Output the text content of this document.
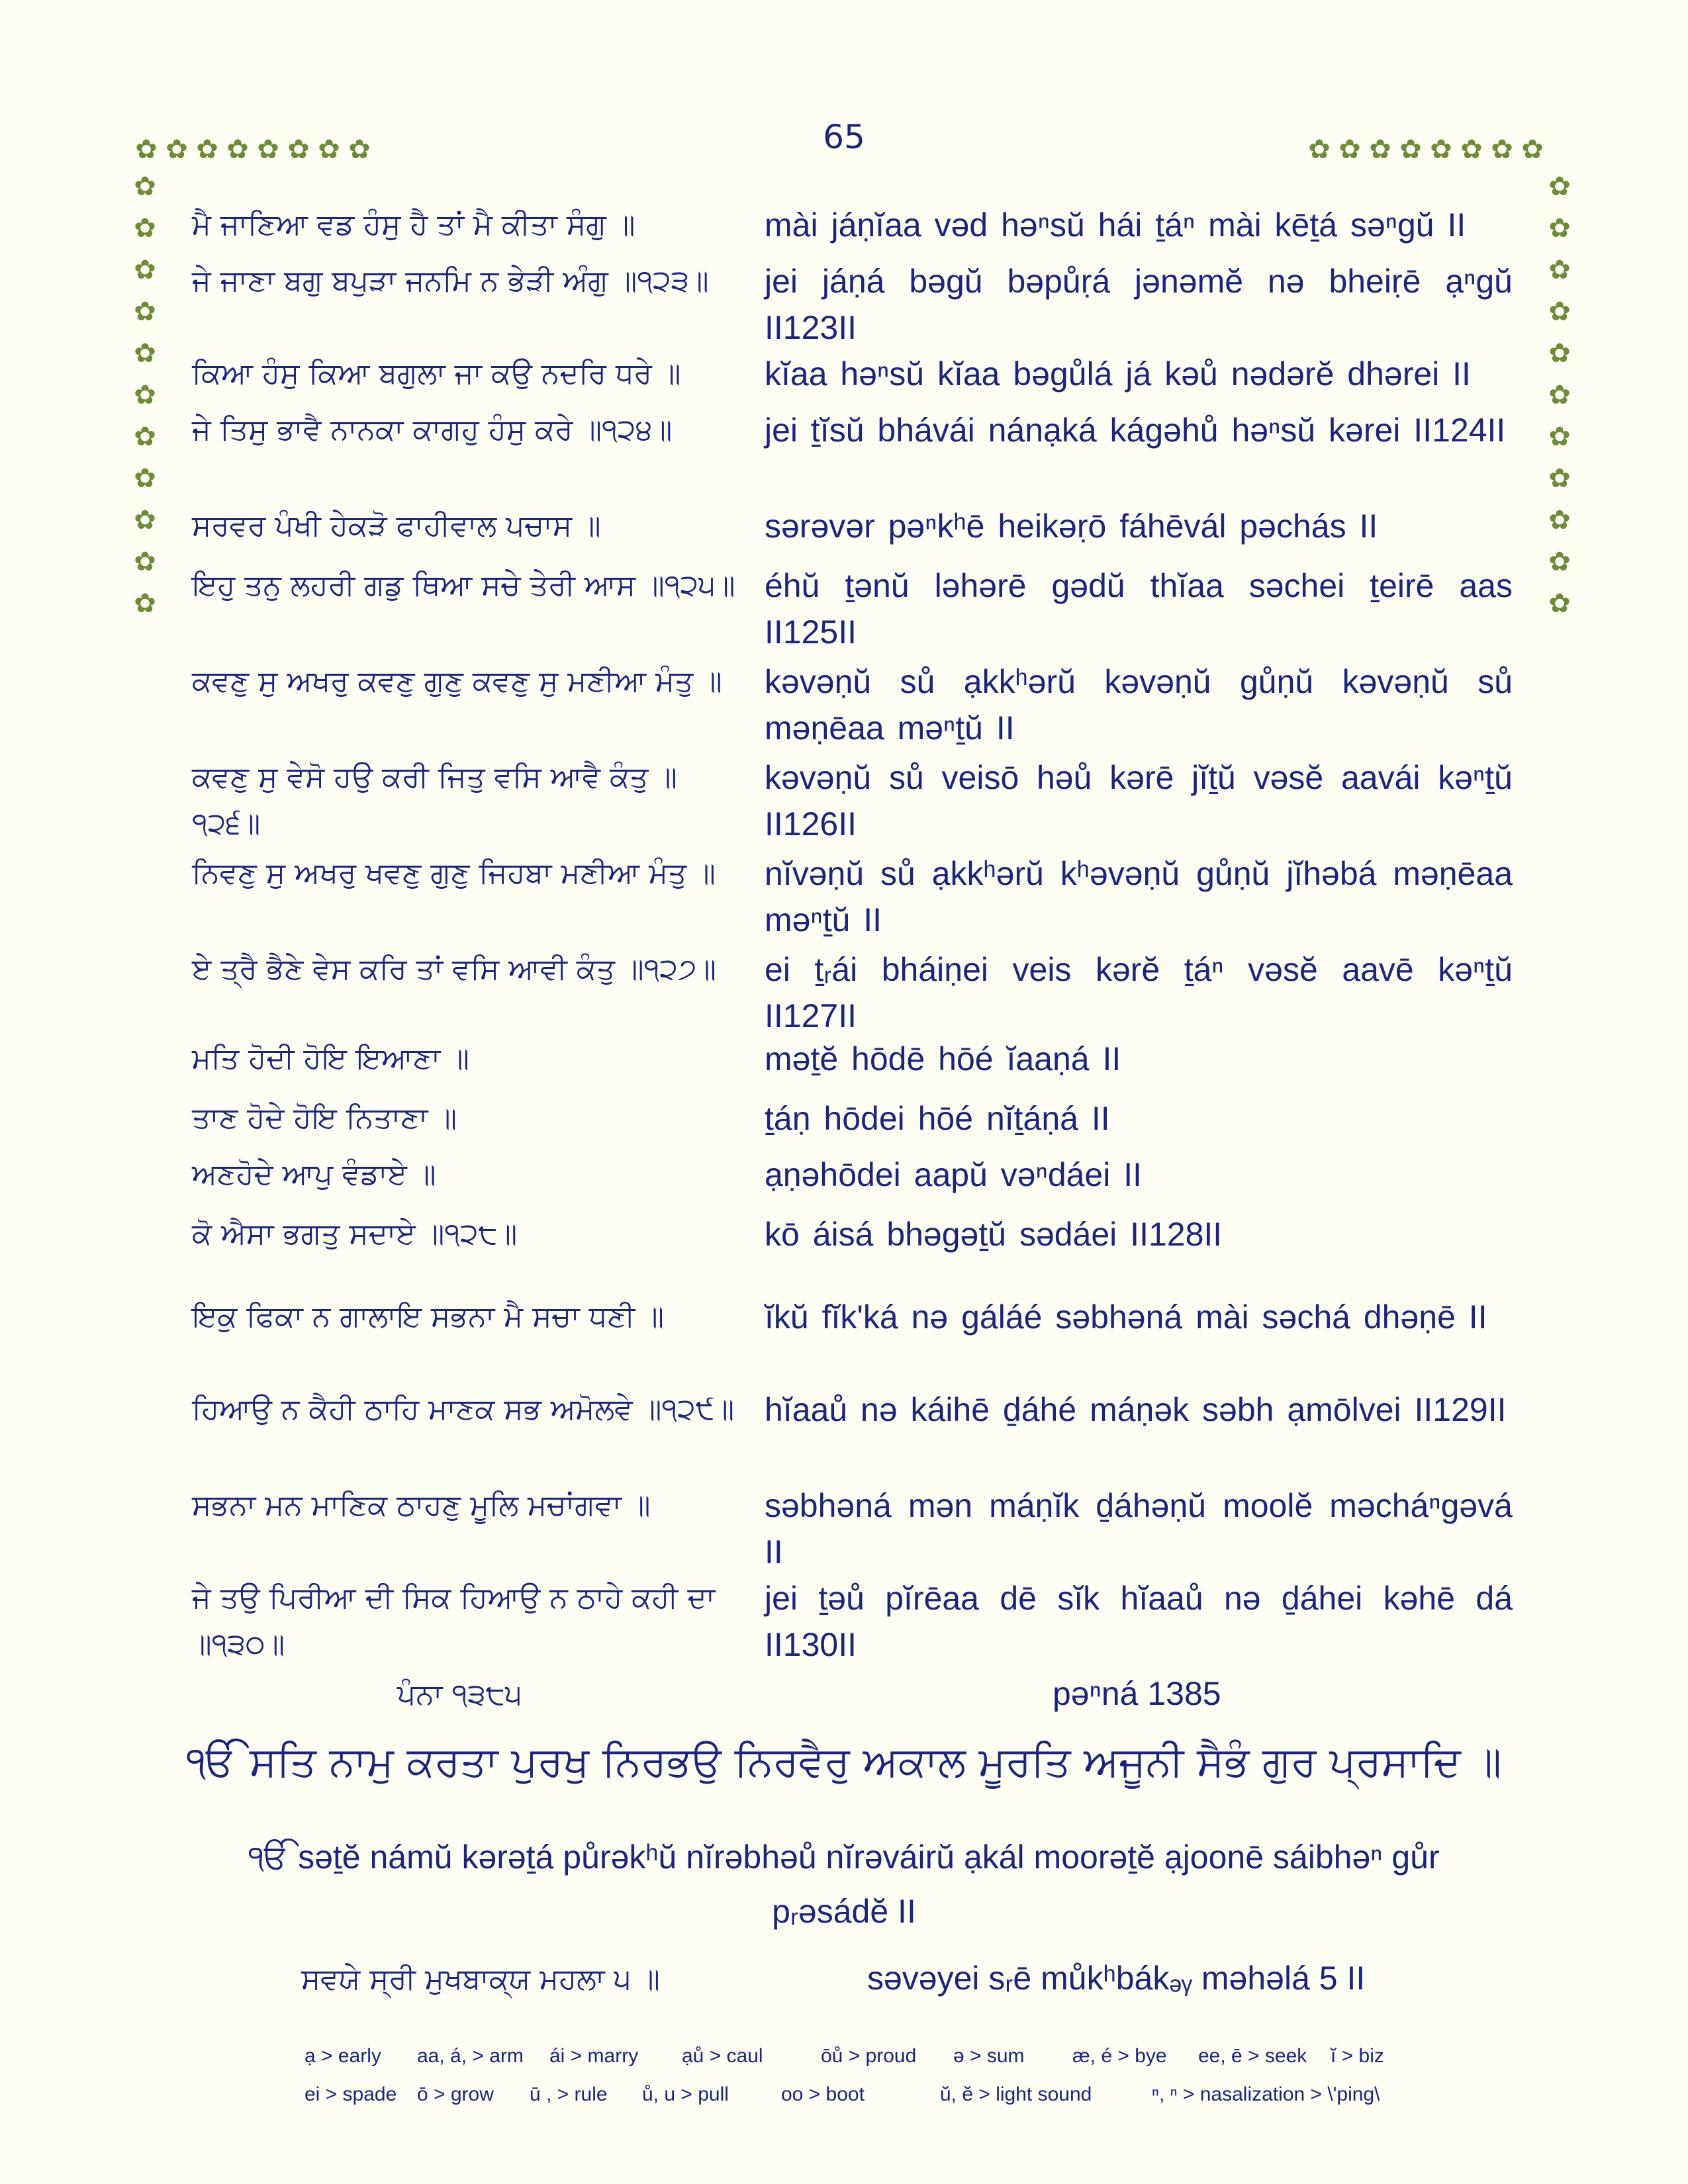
65
✿ ✿ ✿ ✿ ✿ ✿ ✿ ✿	✿ ✿ ✿ ✿ ✿ ✿ ✿ ✿
✿
✿
✿
✿
✿
✿
✿
✿
✿
✿
✿
✿
✿
✿
✿
✿
✿
✿
✿
✿
✿
✿
ਮੈ ਜਾਣਿਆ ਵਡ ਹੰਸੁ ਹੈ ਤਾਂ ਮੈ ਕੀਤਾ ਸੰਗੁ ॥	mài jáṇĭaa vəd həⁿsŭ hái ṯáⁿ mài kēṯá səⁿgŭ II
ਜੇ ਜਾਣਾ ਬਗੁ ਬਪੁੜਾ ਜਨਮਿ ਨ ਭੇੜੀ ਅੰਗੁ ॥੧੨੩॥	jei jáṇá bəgŭ bəpůṛá jənəmĕ nə bheiṛē ạⁿgŭ II123II
ਕਿਆ ਹੰਸੁ ਕਿਆ ਬਗੁਲਾ ਜਾ ਕਉ ਨਦਰਿ ਧਰੇ ॥	kĭaa həⁿsŭ kĭaa bəgůlá já kəů nədərĕ dhərei II
ਜੇ ਤਿਸੁ ਭਾਵੈ ਨਾਨਕਾ ਕਾਗਹੁ ਹੰਸੁ ਕਰੇ ॥੧੨੪॥	jei ṯĭsŭ bhávái nánạká kágəhů həⁿsŭ kərei II124II
ਸਰਵਰ ਪੰਖੀ ਹੇਕੜੋ ਫਾਹੀਵਾਲ ਪਚਾਸ ॥	sərəvər pəⁿkʰē heikəṛō fáhēvál pəchás II
ਇਹੁ ਤਨੁ ਲਹਰੀ ਗਡੁ ਥਿਆ ਸਚੇ ਤੇਰੀ ਆਸ ॥੧੨੫॥ éhŭ ṯənŭ ləhərē gədŭ thĭaa səchei ṯeirē aas II125II
ਕਵਣੁ ਸੁ ਅਖਰੁ ਕਵਣੁ ਗੁਣੁ ਕਵਣੁ ਸੁ ਮਣੀਆ ਮੰਤੁ ॥	kəvəṇŭ sů ạkkʰərŭ kəvəṇŭ gůṇŭ kəvəṇŭ sů məṇēaa məⁿṯŭ II
ਕਵਣੁ ਸੁ ਵੇਸੋ ਹਉ ਕਰੀ ਜਿਤੁ ਵਸਿ ਆਵੈ ਕੰਤੁ ॥੧੨੬॥
kəvəṇŭ sů veisō həů kərē jĭṯŭ vəsĕ aavái kəⁿṯŭ II126II
ਨਿਵਣੁ ਸੁ ਅਖਰੁ ਖਵਣੁ ਗੁਣੁ ਜਿਹਬਾ ਮਣੀਆ ਮੰਤੁ ॥	nĭvəṇŭ sů ạkkʰərŭ kʰəvəṇŭ gůṇŭ jĭhəbá məṇēaa məⁿṯŭ II
ਏ ਤ੍ਰੈ ਭੈਣੇ ਵੇਸ ਕਰਿ ਤਾਂ ਵਸਿ ਆਵੀ ਕੰਤੁ ॥੧੨੭॥	ei ṯᵣái bháiṇei veis kərĕ ṯáⁿ vəsĕ aavē kəⁿṯŭ II127II
ਮਤਿ ਹੋਦੀ ਹੋਇ ਇਆਣਾ ॥	məṯĕ hōdē hōé ĭaaṇá II
ਤਾਣ ਹੋਦੇ ਹੋਇ ਨਿਤਾਣਾ ॥	ṯáṇ hōdei hōé nĭṯáṇá II
ਅਣਹੋਦੇ ਆਪੁ ਵੰਡਾਏ ॥	ạṇəhōdei aapŭ vəⁿdáei II
ਕੋ ਐਸਾ ਭਗਤੁ ਸਦਾਏ ॥੧੨੮॥	kō áisá bhəgəṯŭ sədáei II128II
ਇਕੁ ਫਿਕਾ ਨ ਗਾਲਾਇ ਸਭਨਾ ਮੈ ਸਚਾ ਧਣੀ ॥	ĭkŭ fĭk'ká nə gáláé səbhəná mài səchá dhəṇē II
ਹਿਆਉ ਨ ਕੈਹੀ ਠਾਹਿ ਮਾਣਕ ਸਭ ਅਮੋਲਵੇ ॥੧੨੯॥ hĭaaů nə káihē ḏáhé máṇək səbh ạmōlvei II129II
ਸਭਨਾ ਮਨ ਮਾਣਿਕ ਠਾਹਣੁ ਮੂਲਿ ਮਚਾਂਗਵਾ ॥	səbhəná mən máṇĭk ḏáhəṇŭ moolĕ məcháⁿgəvá II
ਜੇ ਤਉ ਪਿਰੀਆ ਦੀ ਸਿਕ ਹਿਆਉ ਨ ਠਾਹੇ ਕਹੀ ਦਾ ॥੧੩੦॥
jei ṯəů pĭrēaa dē sĭk hĭaaů nə ḏáhei kəhē dá II130II
ਪੰਨਾ ੧੩੮੫	pəⁿná 1385
ੴ ਸਤਿ ਨਾਮੁ ਕਰਤਾ ਪੁਰਖੁ ਨਿਰਭਉ ਨਿਰਵੈਰੁ ਅਕਾਲ ਮੂਰਤਿ ਅਜੂਨੀ ਸੈਭੰ ਗੁਰ ਪ੍ਰਸਾਦਿ ॥
ੴ səṯĕ námŭ kərəṯá půrəkʰŭ nĭrəbhəů nĭrəváirŭ ạkál moorəṯĕ ạjoonē sáibhəⁿ gůr pᵣəsádĕ II
ਸਵਯੇ ਸ੍ਰੀ ਮੁਖਬਾਕ੍ਯ ਮਹਲਾ ੫ ॥	səvəyei sᵣē můkʰbákₔᵧ məhəlá 5 II
ạ > early	aa, á, > arm	ái > marry	ạů > caul	ōů > proud	ə > sum	æ, é > bye	ee, ē > seek	ĭ > biz
ei > spade	ō > grow	ū , > rule	ů, u > pull	oo > boot	ŭ, ĕ > light sound	ⁿ, ⁿ > nasalization > \'ping\
